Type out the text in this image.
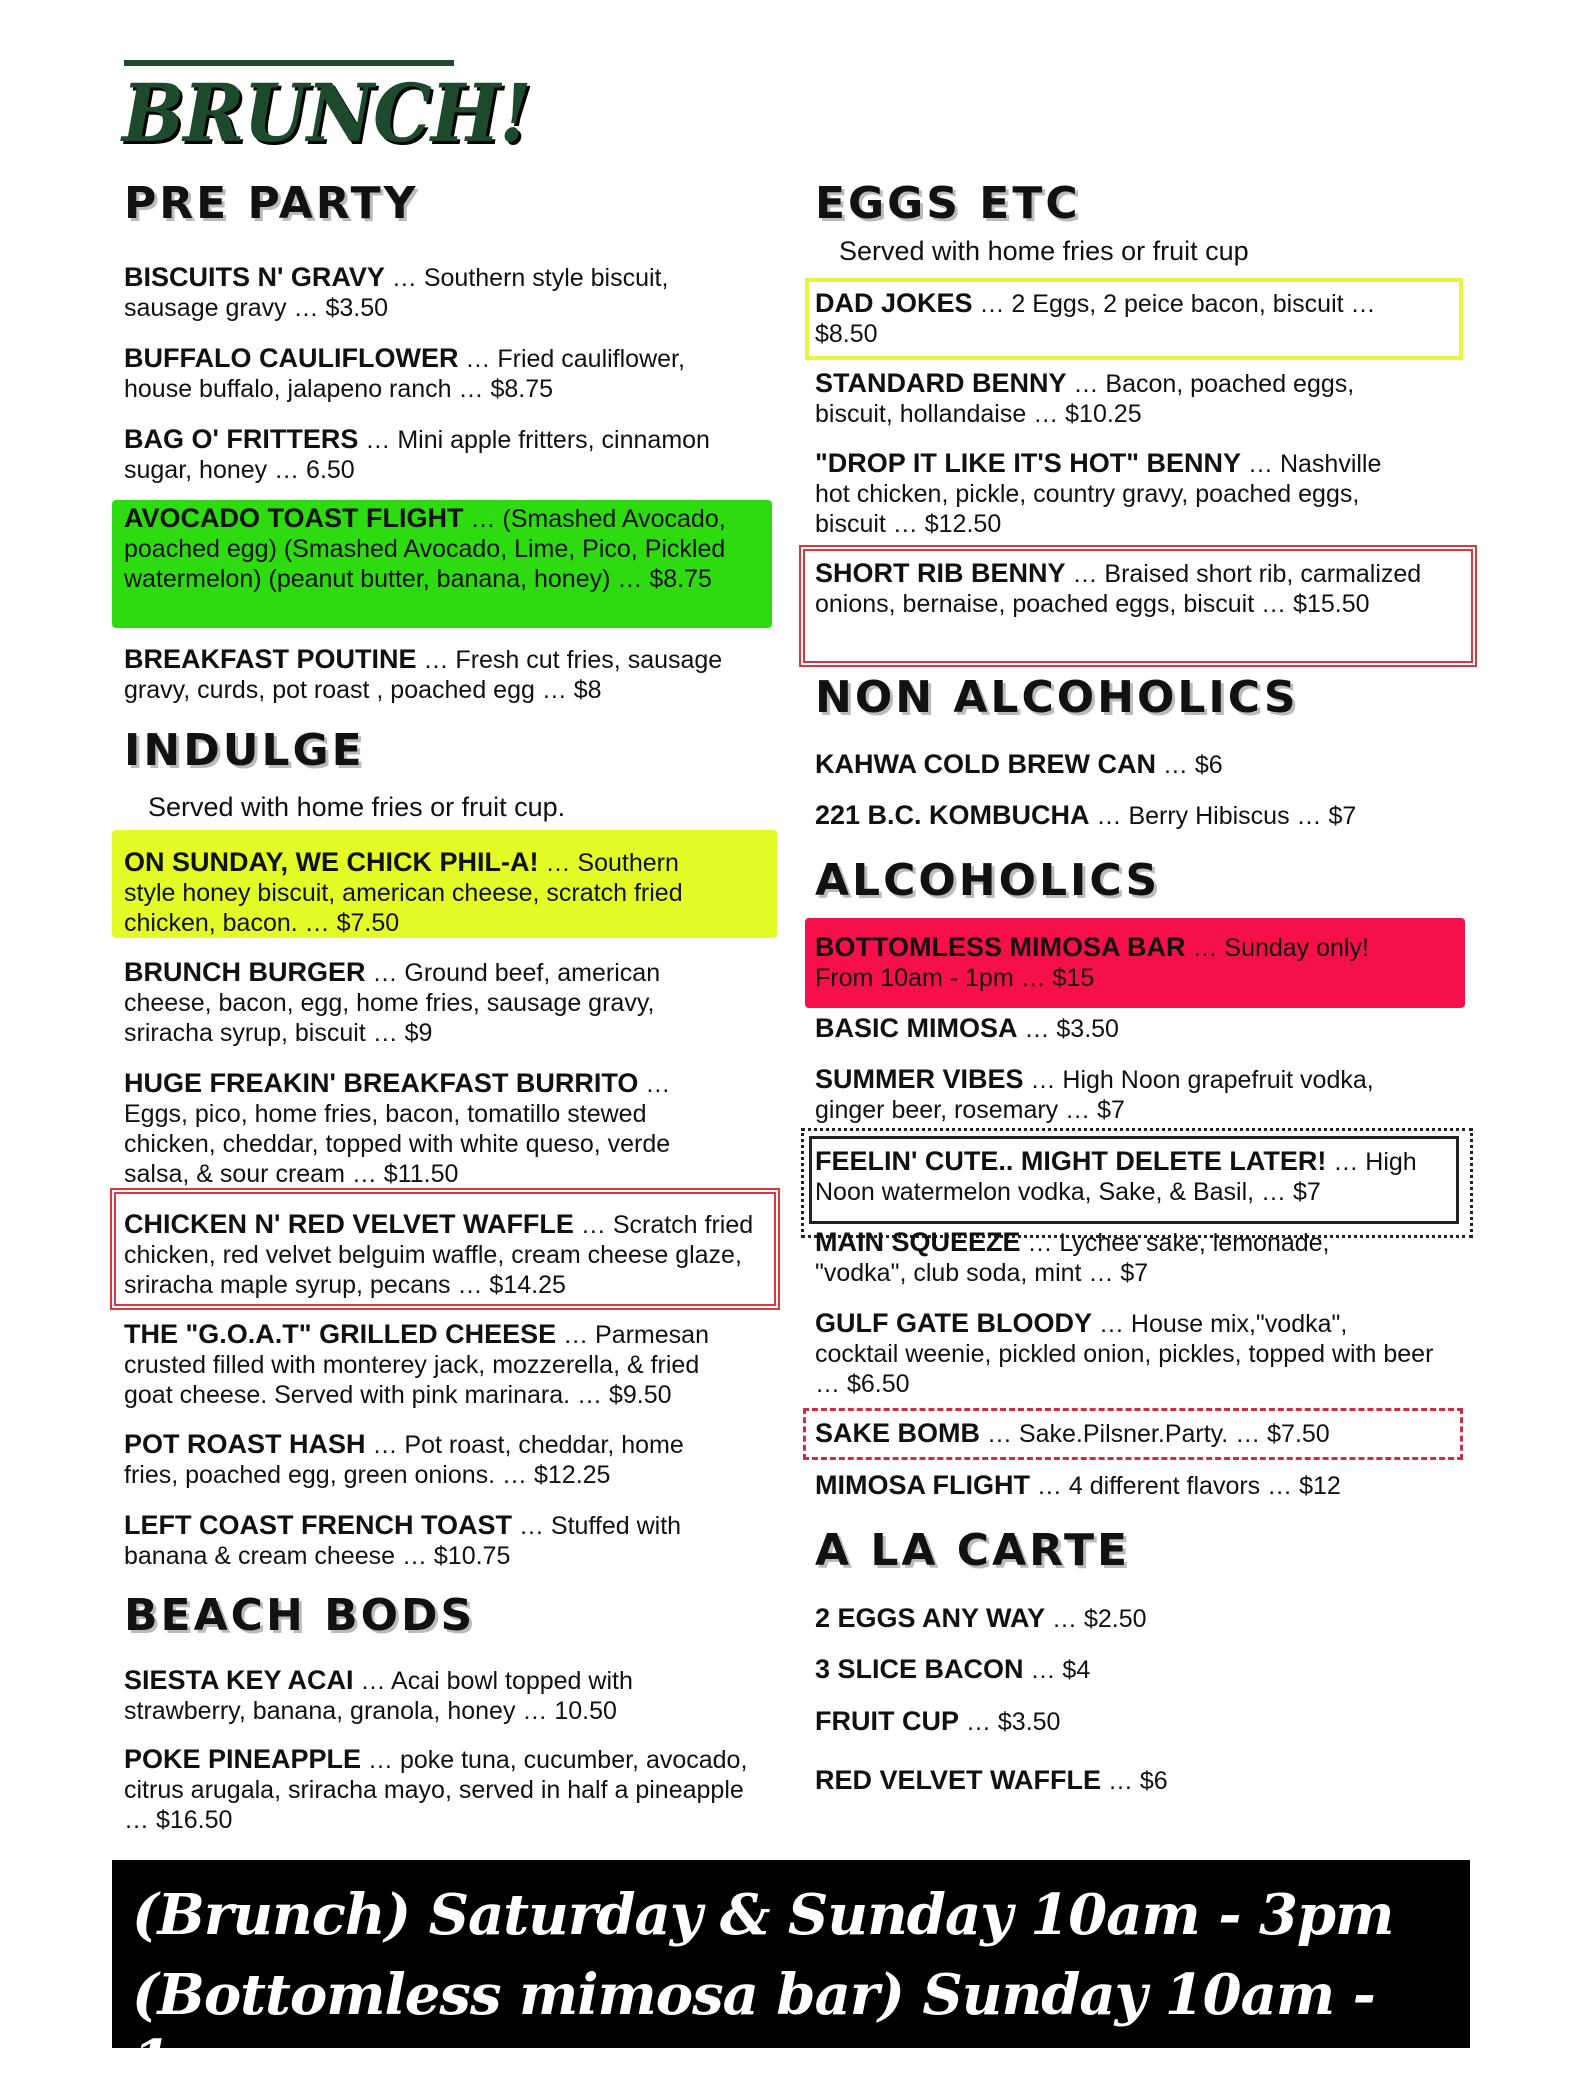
BRUNCH!
PRE PARTY

BISCUITS N' GRAVY … Southern style biscuit, sausage gravy … $3.50

BUFFALO CAULIFLOWER … Fried cauliflower, house buffalo, jalapeno ranch … $8.75

BAG O' FRITTERS … Mini apple fritters, cinnamon sugar, honey … 6.50

AVOCADO TOAST FLIGHT … (Smashed Avocado, poached egg) (Smashed Avocado, Lime, Pico, Pickled watermelon) (peanut butter, banana, honey) … $8.75

BREAKFAST POUTINE … Fresh cut fries, sausage gravy, curds, pot roast , poached egg … $8

INDULGE

Served with home fries or fruit cup.

ON SUNDAY, WE CHICK PHIL-A! … Southern style honey biscuit, american cheese, scratch fried chicken, bacon. … $7.50

BRUNCH BURGER … Ground beef, american cheese, bacon, egg, home fries, sausage gravy, sriracha syrup, biscuit … $9

HUGE FREAKIN' BREAKFAST BURRITO … Eggs, pico, home fries, bacon, tomatillo stewed chicken, cheddar, topped with white queso, verde salsa, & sour cream … $11.50

CHICKEN N' RED VELVET WAFFLE … Scratch fried chicken, red velvet belguim waffle, cream cheese glaze, sriracha maple syrup, pecans … $14.25

THE "G.O.A.T" GRILLED CHEESE … Parmesan crusted filled with monterey jack, mozzerella, & fried goat cheese. Served with pink marinara. … $9.50

POT ROAST HASH … Pot roast, cheddar, home fries, poached egg, green onions. … $12.25

LEFT COAST FRENCH TOAST … Stuffed with banana & cream cheese … $10.75

BEACH BODS

SIESTA KEY ACAI … Acai bowl topped with strawberry, banana, granola, honey … 10.50

POKE PINEAPPLE … poke tuna, cucumber, avocado, citrus arugala, sriracha mayo, served in half a pineapple … $16.50

EGGS ETC

Served with home fries or fruit cup

DAD JOKES … 2 Eggs, 2 peice bacon, biscuit … $8.50

STANDARD BENNY … Bacon, poached eggs, biscuit, hollandaise … $10.25

"DROP IT LIKE IT'S HOT" BENNY … Nashville hot chicken, pickle, country gravy, poached eggs, biscuit … $12.50

SHORT RIB BENNY … Braised short rib, carmalized onions, bernaise, poached eggs, biscuit … $15.50

NON ALCOHOLICS

KAHWA COLD BREW CAN … $6

221 B.C. KOMBUCHA … Berry Hibiscus … $7

ALCOHOLICS

BOTTOMLESS MIMOSA BAR … Sunday only! From 10am - 1pm … $15

BASIC MIMOSA … $3.50

SUMMER VIBES … High Noon grapefruit vodka, ginger beer, rosemary … $7

FEELIN' CUTE.. MIGHT DELETE LATER! … High Noon watermelon vodka, Sake, & Basil, … $7

MAIN SQUEEZE … Lychee sake, lemonade, "vodka", club soda, mint … $7

GULF GATE BLOODY … House mix,"vodka", cocktail weenie, pickled onion, pickles, topped with beer … $6.50

SAKE BOMB … Sake.Pilsner.Party. … $7.50

MIMOSA FLIGHT … 4 different flavors … $12

A LA CARTE

2 EGGS ANY WAY … $2.50

3 SLICE BACON … $4

FRUIT CUP … $3.50

RED VELVET WAFFLE … $6

(Brunch) Saturday & Sunday 10am - 3pm

(Bottomless mimosa bar) Sunday 10am - 1pm
